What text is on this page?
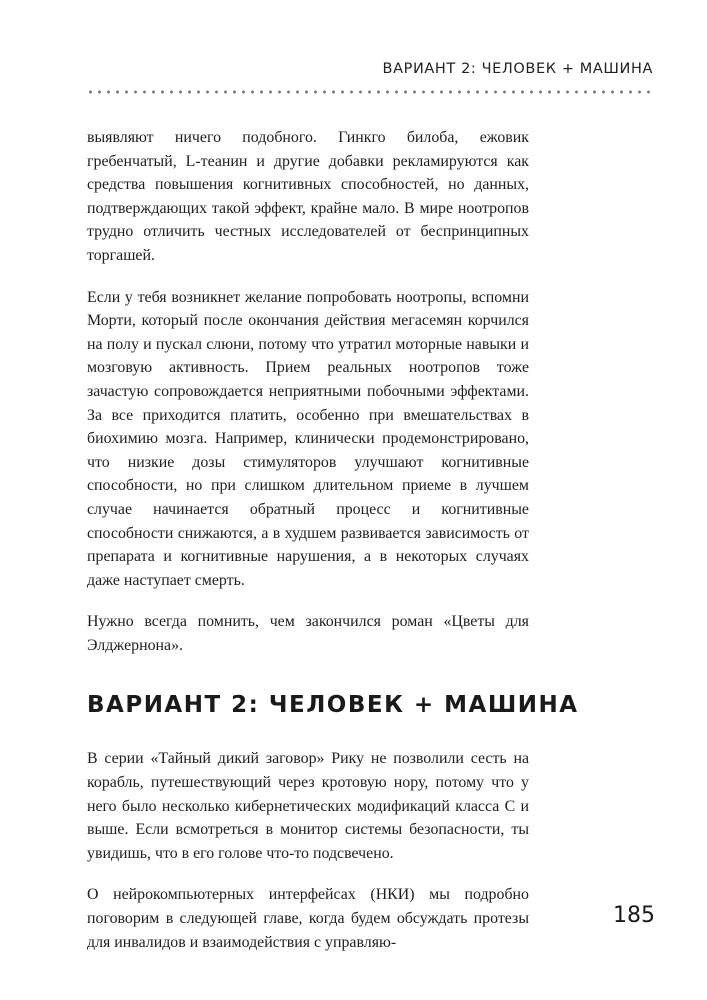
ВАРИАНТ 2: ЧЕЛОВЕК + МАШИНА

выявляют ничего подобного. Гинкго билоба, ежовик гребенчатый, L-теанин и другие добавки рекламируются как средства повышения когнитивных способностей, но данных, подтверждающих такой эффект, крайне мало. В мире ноотропов трудно отличить честных исследователей от беспринципных торгашей.

Если у тебя возникнет желание попробовать ноотропы, вспомни Морти, который после окончания действия мегасемян корчился на полу и пускал слюни, потому что утратил моторные навыки и мозговую активность. Прием реальных ноотропов тоже зачастую сопровождается неприятными побочными эффектами. За все приходится платить, особенно при вмешательствах в биохимию мозга. Например, клинически продемонстрировано, что низкие дозы стимуляторов улучшают когнитивные способности, но при слишком длительном приеме в лучшем случае начинается обратный процесс и когнитивные способности снижаются, а в худшем развивается зависимость от препарата и когнитивные нарушения, а в некоторых случаях даже наступает смерть.

Нужно всегда помнить, чем закончился роман «Цветы для Элджернона».

ВАРИАНТ 2: ЧЕЛОВЕК + МАШИНА

В серии «Тайный дикий заговор» Рику не позволили сесть на корабль, путешествующий через кротовую нору, потому что у него было несколько кибернетических модификаций класса C и выше. Если всмотреться в монитор системы безопасности, ты увидишь, что в его голове что-то подсвечено.

О нейрокомпьютерных интерфейсах (НКИ) мы подробно поговорим в следующей главе, когда будем обсуждать протезы для инвалидов и взаимодействия с управляю-

185
